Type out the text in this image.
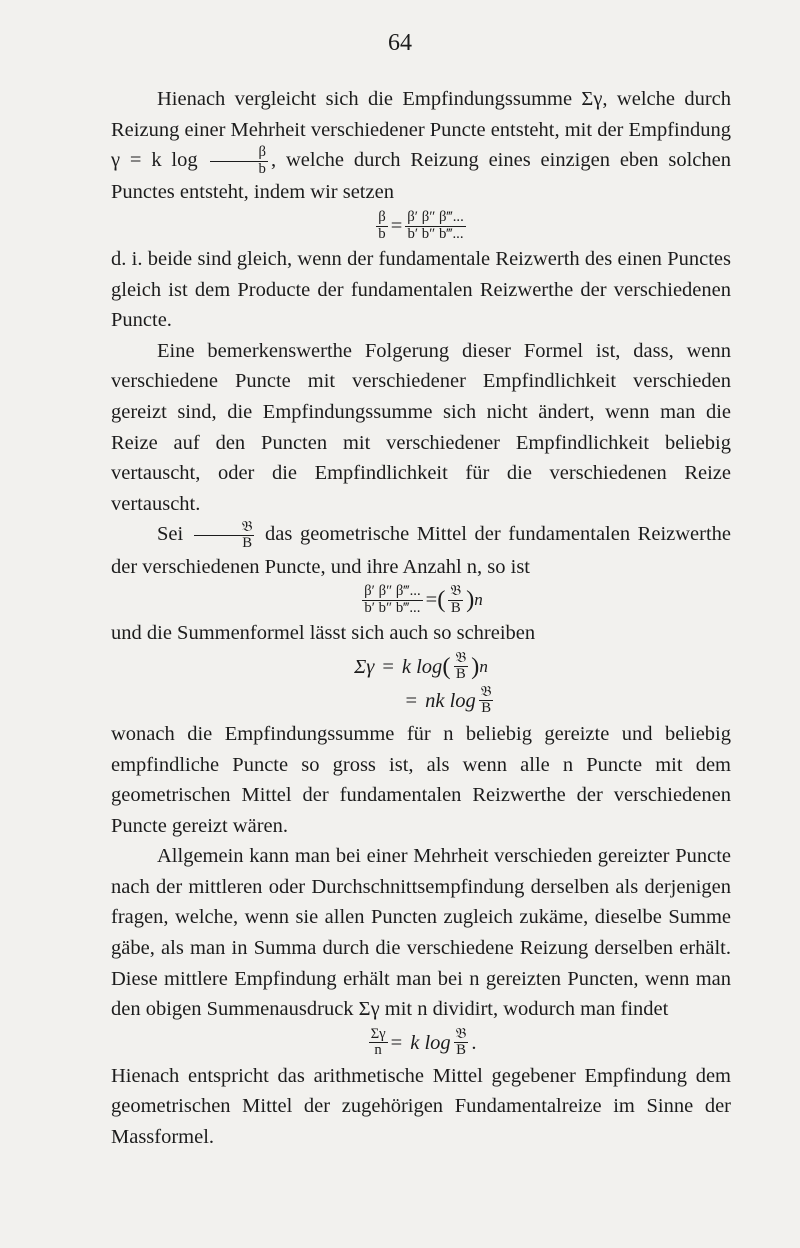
64

Hienach vergleicht sich die Empfindungssumme Σγ, welche durch Reizung einer Mehrheit verschiedener Puncte entsteht, mit der Empfindung γ = k $\log \frac{\beta}{b}$ , welche durch Reizung eines einzigen eben solchen Punctes entsteht, indem wir setzen

$\frac{\beta}{b} = \frac{\beta' \beta'' \beta‴...}{b' b'' b‴...}$

d. i. beide sind gleich, wenn der fundamentale Reizwerth des einen Punctes gleich ist dem Producte der fundamentalen Reizwerthe der verschiedenen Puncte.

Eine bemerkenswerthe Folgerung dieser Formel ist, dass, wenn verschiedene Puncte mit verschiedener Empfindlichkeit verschieden gereizt sind, die Empfindungssumme sich nicht ändert, wenn man die Reize auf den Puncten mit verschiedener Empfindlichkeit beliebig vertauscht, oder die Empfindlichkeit für die verschiedenen Reize vertauscht.

Sei $\frac{\text{𝔅}}{B}$ das geometrische Mittel der fundamentalen Reizwerthe der verschiedenen Puncte, und ihre Anzahl n, so ist

$\frac{\beta' \beta'' \beta‴...}{b' b'' b‴...}$ = ( $\frac{\text{𝔅}}{B}$ ) n

und die Summenformel lässt sich auch so schreiben

Σγ = k log ( $\frac{\text{𝔅}}{B}$ ) n
= nk $\log \frac{\text{𝔅}}{B}$

wonach die Empfindungssumme für n beliebig gereizte und beliebig empfindliche Puncte so gross ist, als wenn alle n Puncte mit dem geometrischen Mittel der fundamentalen Reizwerthe der verschiedenen Puncte gereizt wären.

Allgemein kann man bei einer Mehrheit verschieden gereizter Puncte nach der mittleren oder Durchschnittsempfindung derselben als derjenigen fragen, welche, wenn sie allen Puncten zugleich zukäme, dieselbe Summe gäbe, als man in Summa durch die verschiedene Reizung derselben erhält. Diese mittlere Empfindung erhält man bei n gereizten Puncten, wenn man den obigen Summenausdruck Σγ mit n dividirt, wodurch man findet

$\frac{\Sigma\gamma}{n} = k$ $\log \frac{\text{𝔅}}{B}$ .

Hienach entspricht das arithmetische Mittel gegebener Empfindung dem geometrischen Mittel der zugehörigen Fundamentalreize im Sinne der Massformel.
